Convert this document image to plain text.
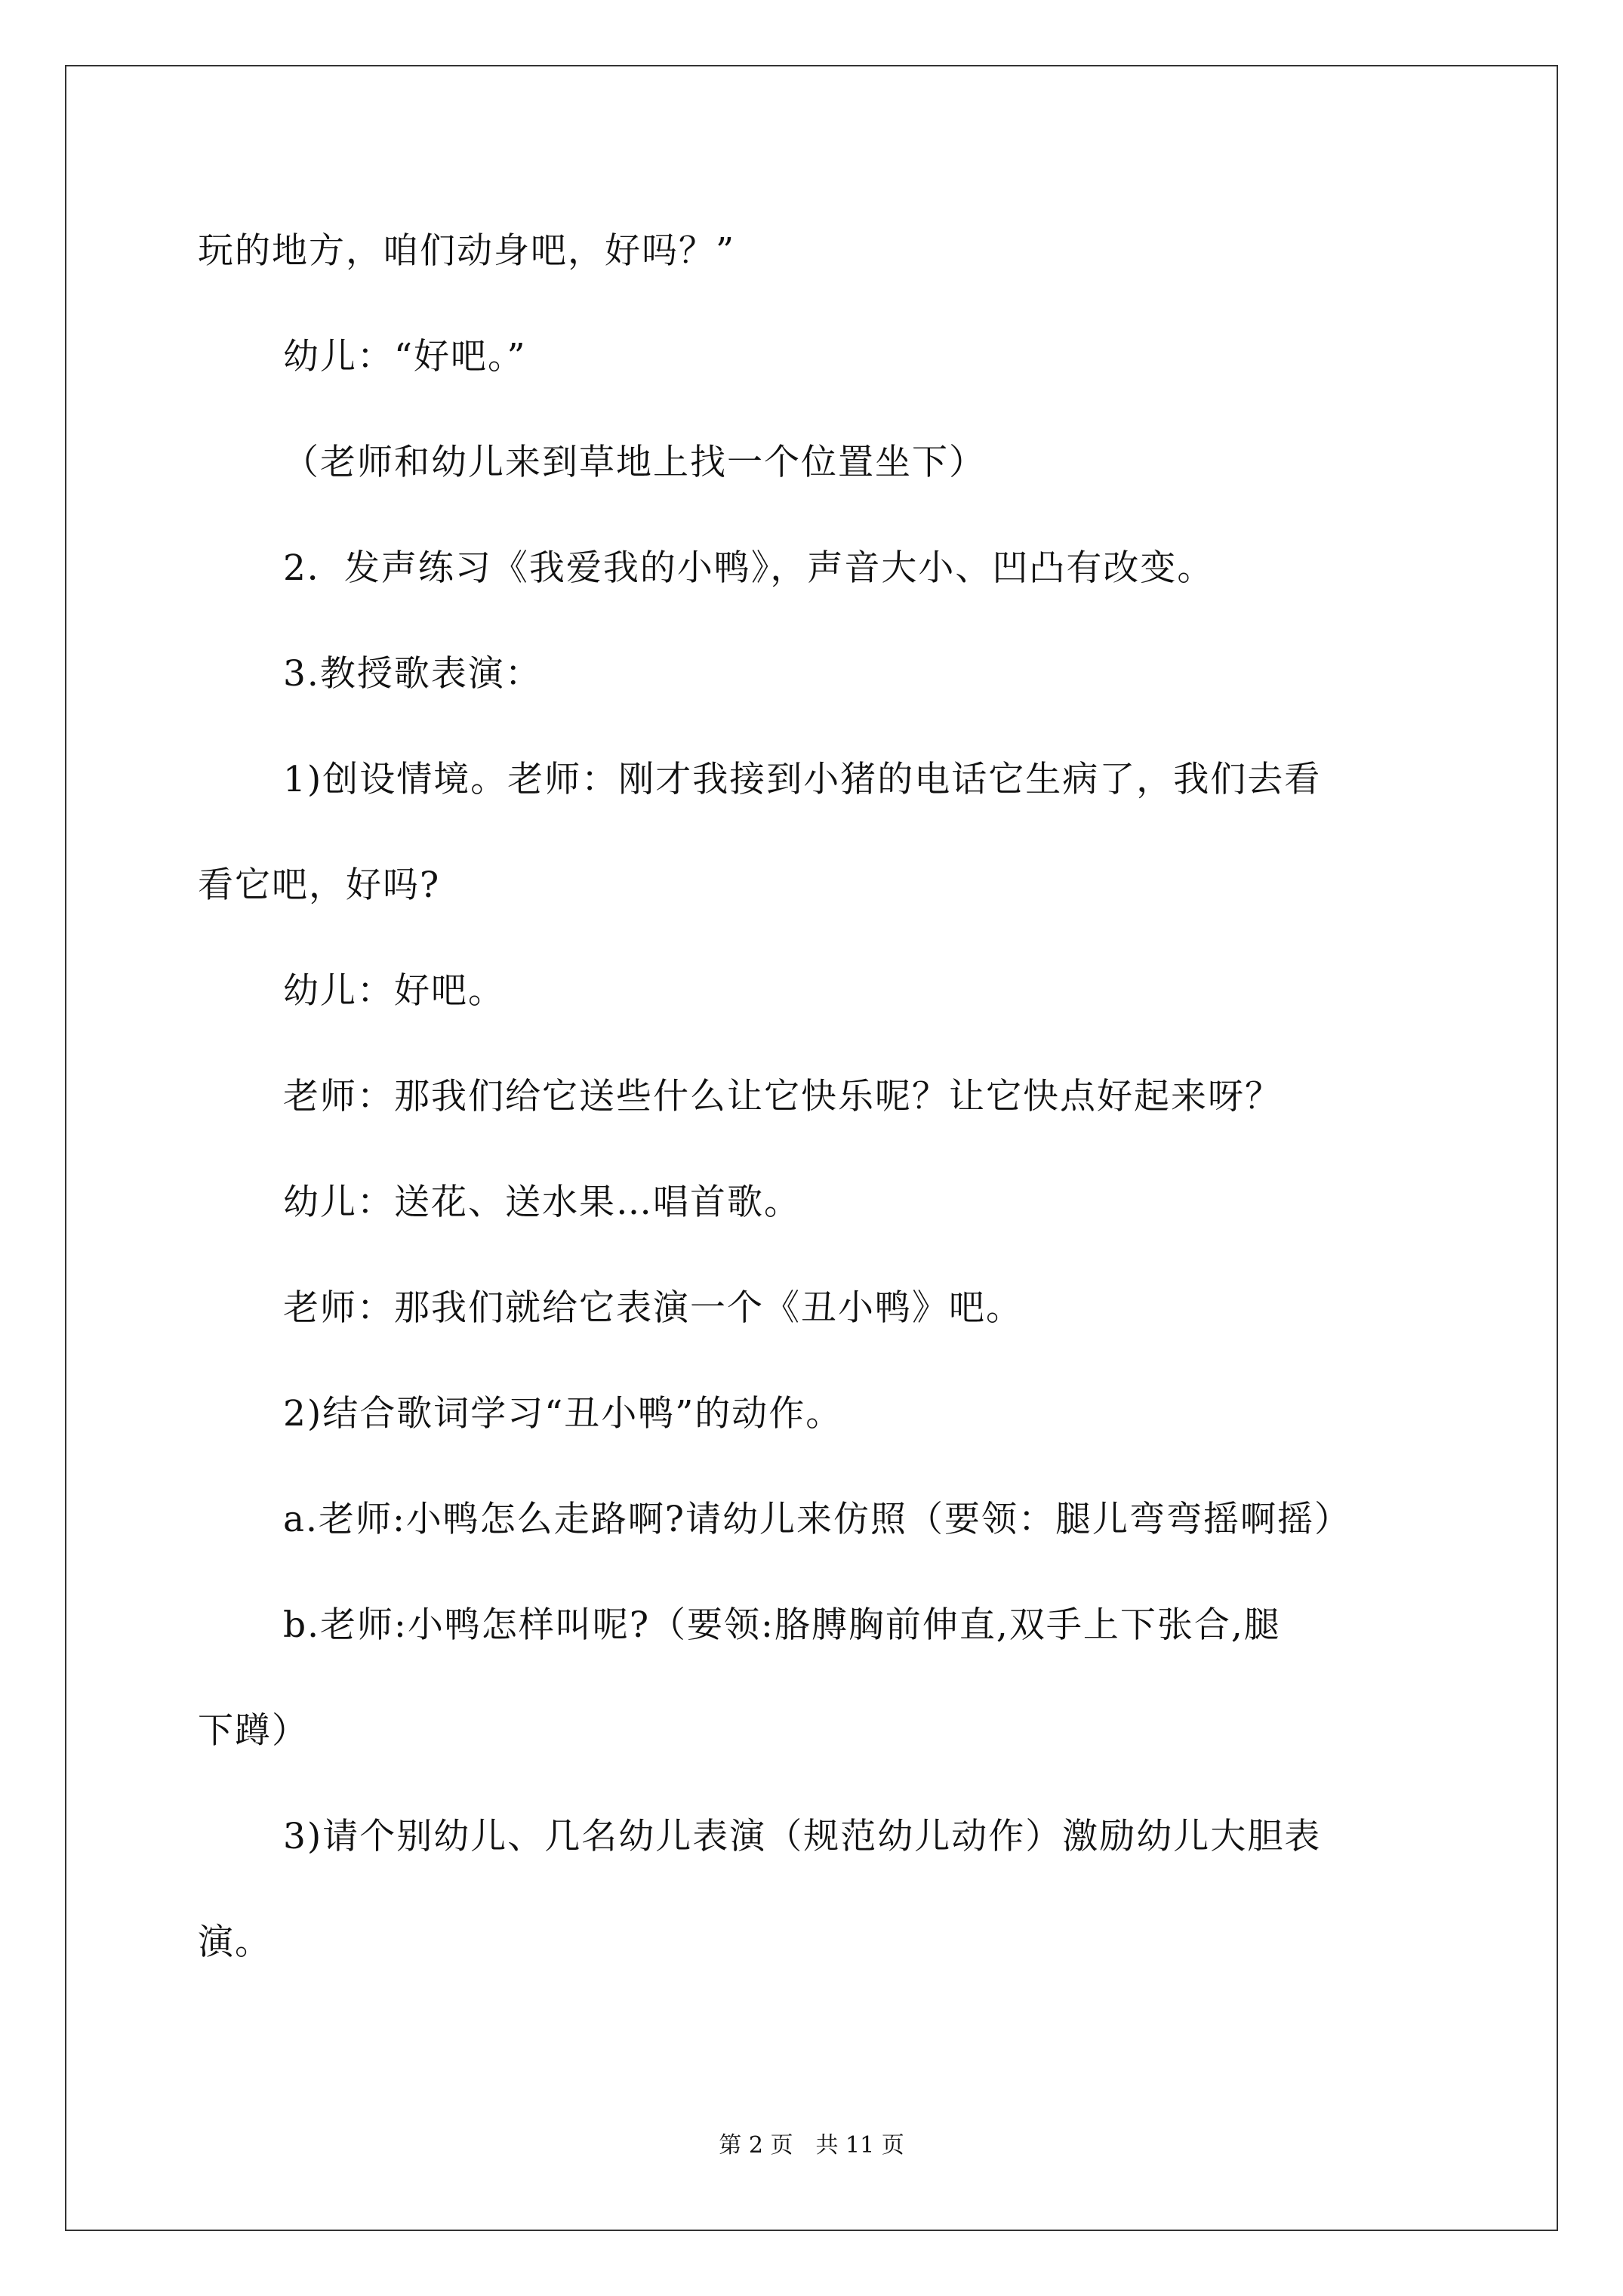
玩的地方，咱们动身吧，好吗？”
幼儿：“好吧。”
（老师和幼儿来到草地上找一个位置坐下）
2．发声练习《我爱我的小鸭》，声音大小、凹凸有改变。
3.教授歌表演：
1)创设情境。老师：刚才我接到小猪的电话它生病了，我们去看
看它吧，好吗?
幼儿：好吧。
老师：那我们给它送些什么让它快乐呢？让它快点好起来呀？
幼儿：送花、送水果…唱首歌。
老师：那我们就给它表演一个《丑小鸭》吧。
2)结合歌词学习“丑小鸭”的动作。
a.老师:小鸭怎么走路啊?请幼儿来仿照（要领：腿儿弯弯摇啊摇）
b.老师:小鸭怎样叫呢?（要领:胳膊胸前伸直,双手上下张合,腿
下蹲）
3)请个别幼儿、几名幼儿表演（规范幼儿动作）激励幼儿大胆表
演。
第 2 页　共 11 页
